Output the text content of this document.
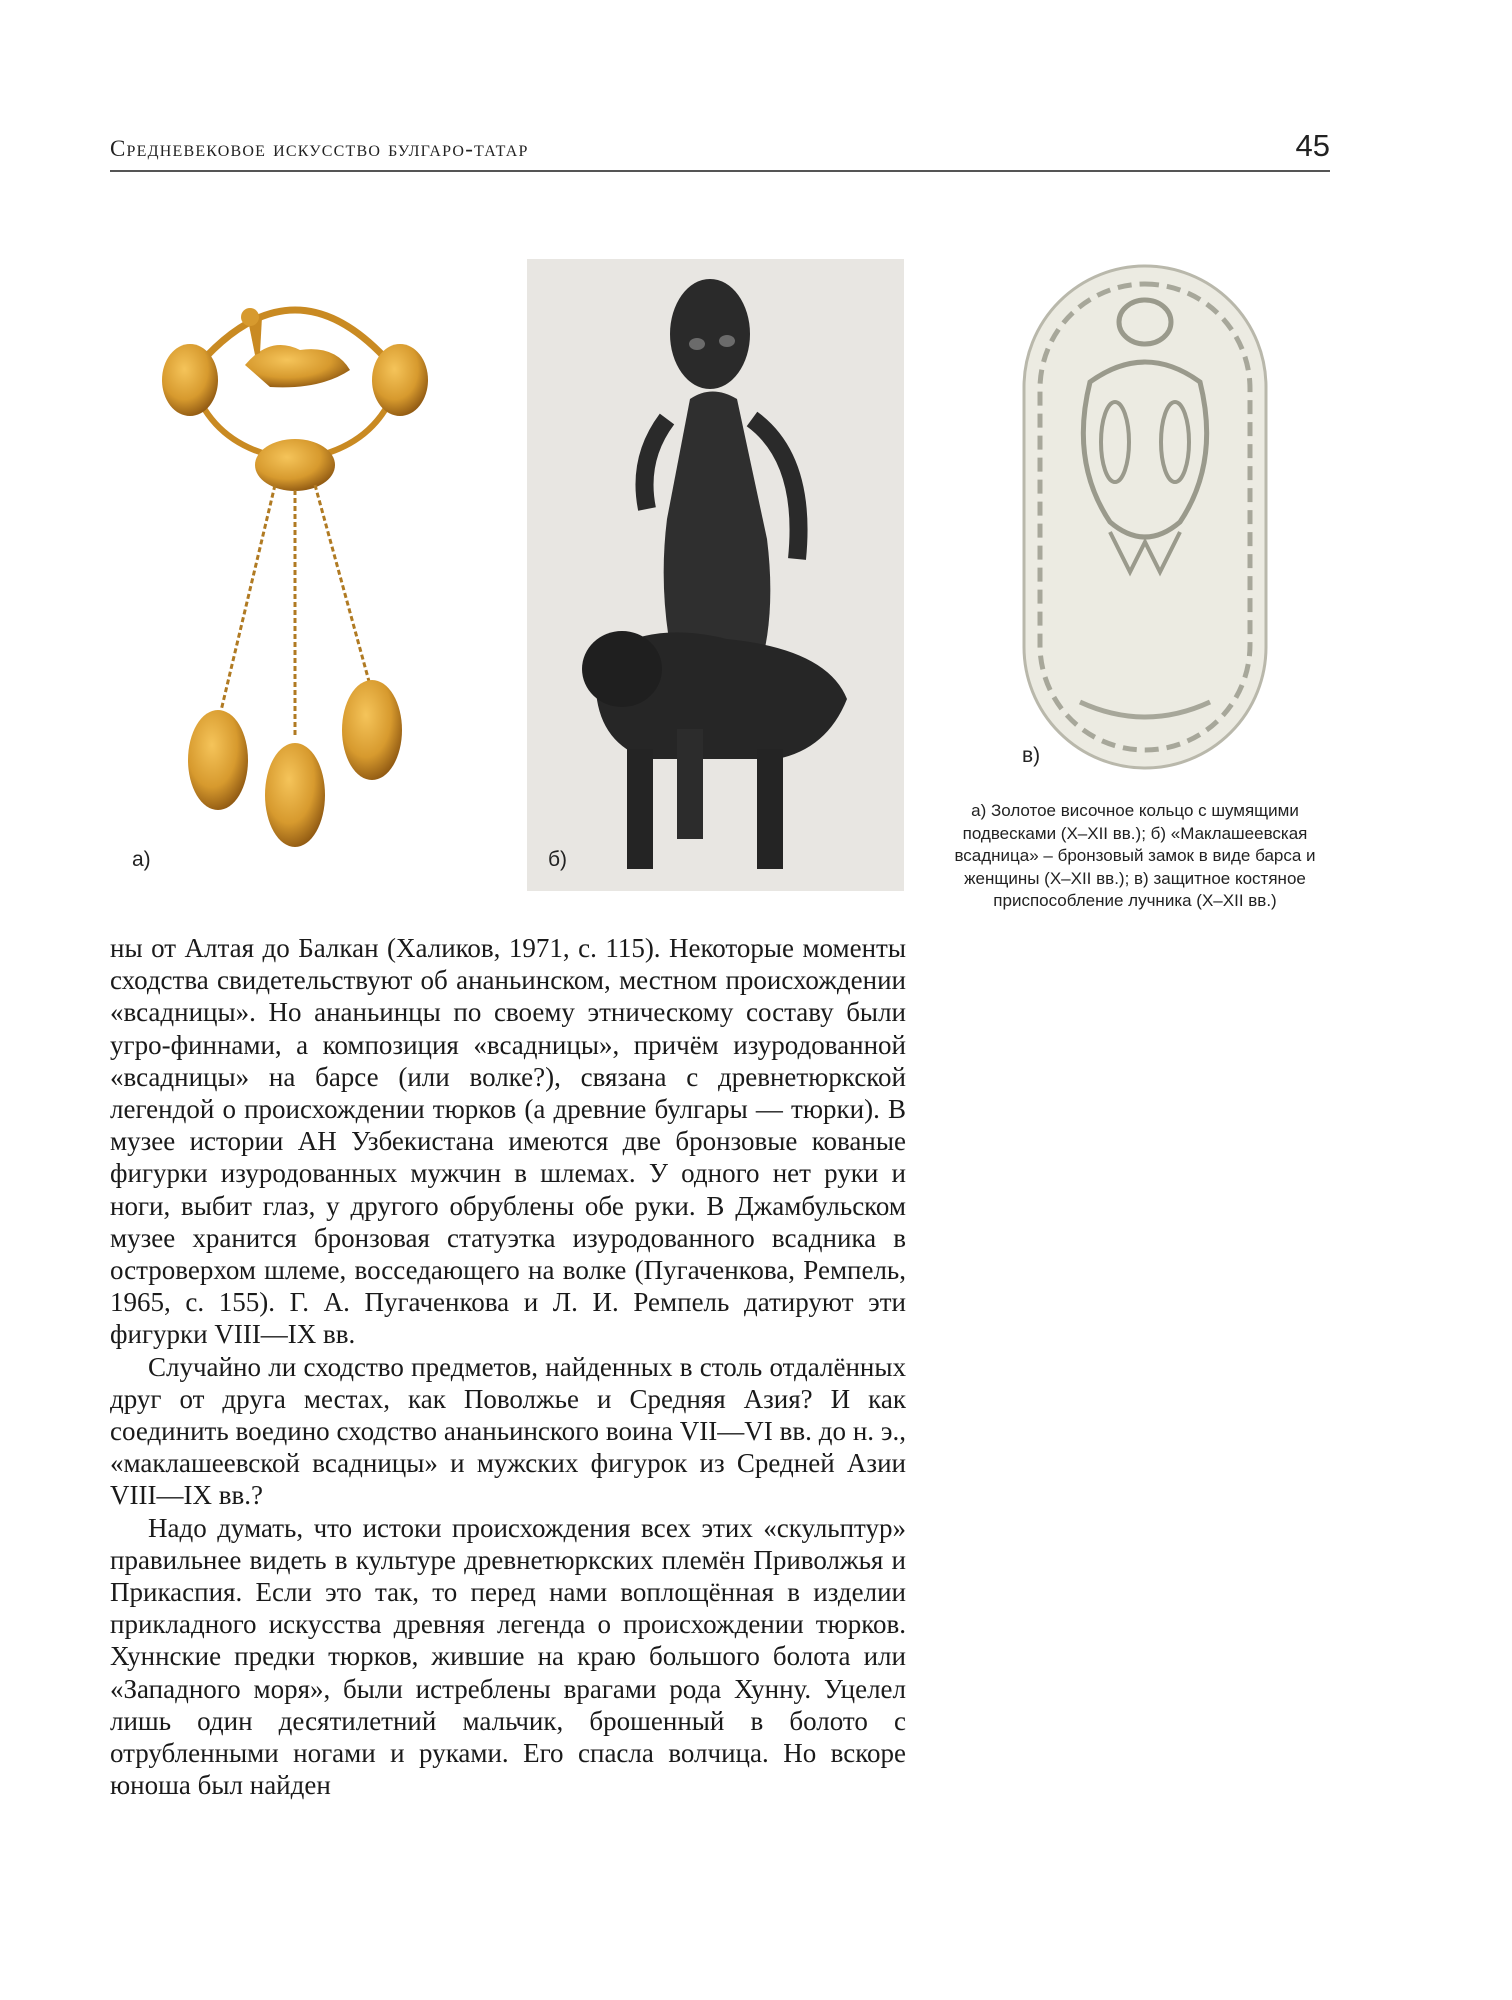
Средневековое искусство булгаро-татар	45
а)	б)
в)
а) Золотое височное кольцо с шумящими подвесками (X–XII вв.); б) «Маклашеевская всадница» – бронзовый замок в виде барса и женщины (X–XII вв.); в) защитное костяное приспособление лучника (X–XII вв.)

ны от Алтая до Балкан (Халиков, 1971, с. 115). Некоторые моменты сходства свидетельствуют об ананьинском, местном происхождении «всадницы». Но ананьинцы по своему этническому составу были угро-финнами, а композиция «всадницы», причём изуродованной «всадницы» на барсе (или волке?), связана с древнетюркской легендой о происхождении тюрков (а древние булгары — тюрки). В музее истории АН Узбекистана имеются две бронзовые кованые фигурки изуродованных мужчин в шлемах. У одного нет руки и ноги, выбит глаз, у другого обрублены обе руки. В Джамбульском музее хранится бронзовая статуэтка изуродованного всадника в островерхом шлеме, восседающего на волке (Пугаченкова, Ремпель, 1965, с. 155). Г. А. Пугаченкова и Л. И. Ремпель датируют эти фигурки VIII—IX вв.

Случайно ли сходство предметов, найденных в столь отдалённых друг от друга местах, как Поволжье и Средняя Азия? И как соединить воедино сходство ананьинского воина VII—VI вв. до н. э., «маклашеевской всадницы» и мужских фигурок из Средней Азии VIII—IX вв.?

Надо думать, что истоки происхождения всех этих «скульптур» правильнее видеть в культуре древнетюркских племён Приволжья и Прикаспия. Если это так, то перед нами воплощённая в изделии прикладного искусства древняя легенда о происхождении тюрков. Хуннские предки тюрков, жившие на краю большого болота или «Западного моря», были истреблены врагами рода Хунну. Уцелел лишь один десятилетний мальчик, брошенный в болото с отрубленными ногами и руками. Его спасла волчица. Но вскоре юноша был найден
